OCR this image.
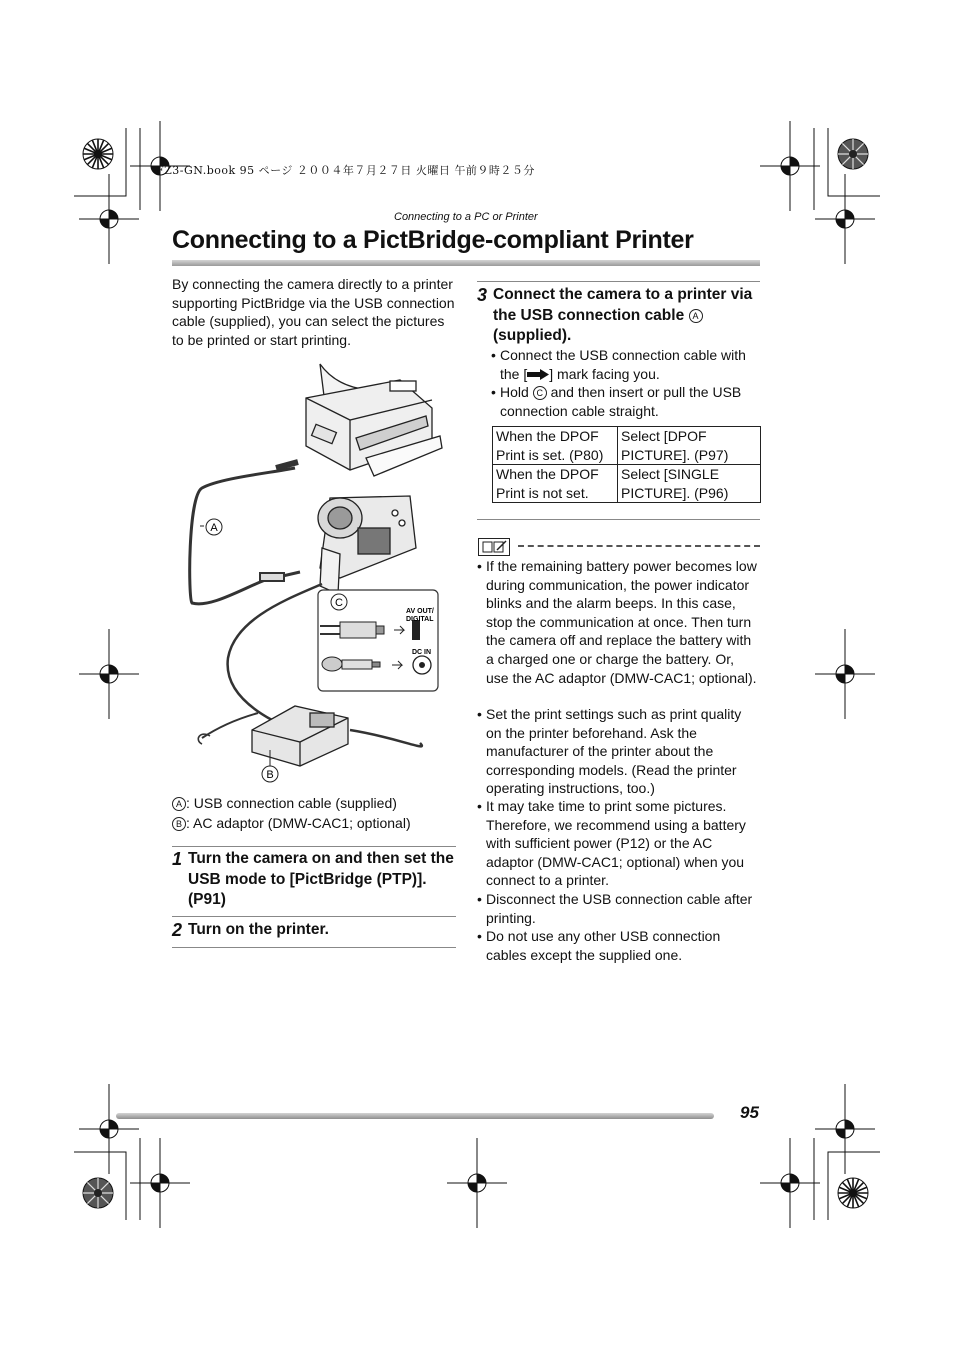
FZ3-GN.book 95 ページ ２００４年７月２７日 火曜日 午前９時２５分
Connecting to a PC or Printer
Connecting to a PictBridge-compliant Printer
By connecting the camera directly to a printer supporting PictBridge via the USB connection cable (supplied), you can select the pictures to be printed or start printing.
AV OUT/
DIGITAL
DC IN
A
B
C
A : USB connection cable (supplied)
B : AC adaptor (DMW-CAC1; optional)
1 Turn the camera on and then set the USB mode to [PictBridge (PTP)]. (P91)
2 Turn on the printer.
3 Connect the camera to a printer via the USB connection cable A (supplied).
• Connect the USB connection cable with the [ ] mark facing you.
• Hold C and then insert or pull the USB connection cable straight.
When the DPOF Print is set. (P80)	Select [DPOF PICTURE]. (P97)
When the DPOF Print is not set.	Select [SINGLE PICTURE]. (P96)
• If the remaining battery power becomes low during communication, the power indicator blinks and the alarm beeps. In this case, stop the communication at once. Then turn the camera off and replace the battery with a charged one or charge the battery. Or, use the AC adaptor (DMW-CAC1; optional).
• Set the print settings such as print quality on the printer beforehand. Ask the manufacturer of the printer about the corresponding models. (Read the printer operating instructions, too.)
• It may take time to print some pictures. Therefore, we recommend using a battery with sufficient power (P12) or the AC adaptor (DMW-CAC1; optional) when you connect to a printer.
• Disconnect the USB connection cable after printing.
• Do not use any other USB connection cables except the supplied one.
95
